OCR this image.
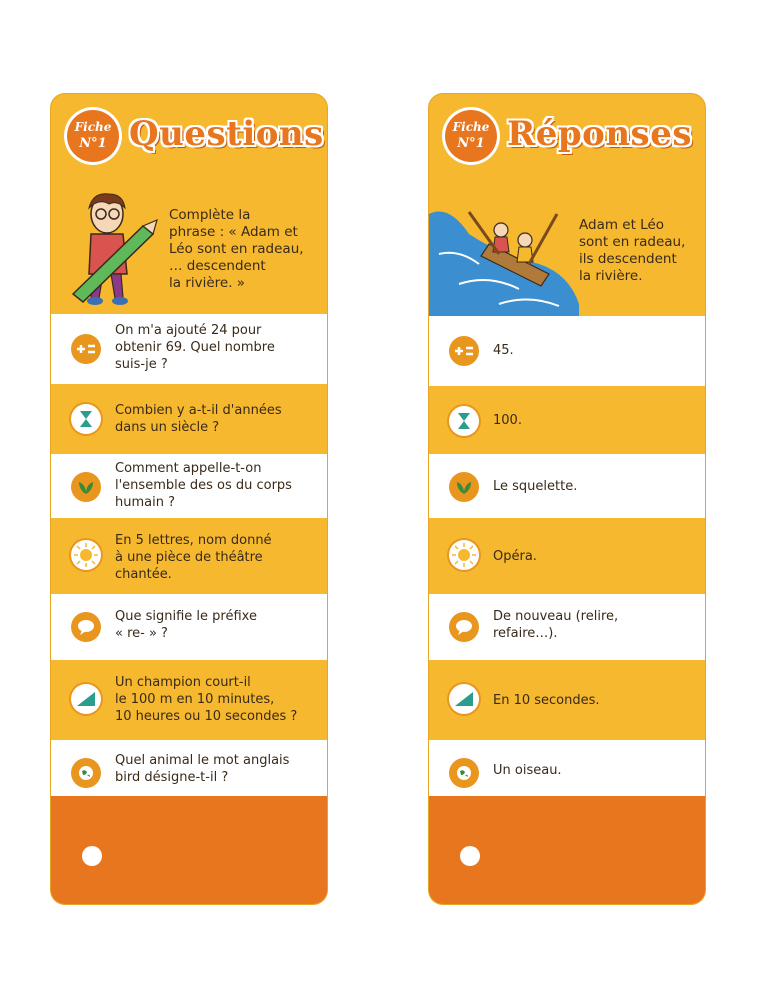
Fiche
N°1 Questions
Complète la
phrase : « Adam et
Léo sont en radeau,
… descendent
la rivière. »
On m'a ajouté 24 pour
obtenir 69. Quel nombre
suis-je ?
Combien y a-t-il d'années
dans un siècle ?
Comment appelle-t-on
l'ensemble des os du corps
humain ?
En 5 lettres, nom donné
à une pièce de théâtre
chantée.
Que signifie le préfixe
« re- » ?
Un champion court-il
le 100 m en 10 minutes,
10 heures ou 10 secondes ?
Quel animal le mot anglais
bird désigne-t-il ?
Fiche
N°1 Réponses
Adam et Léo
sont en radeau,
ils descendent
la rivière.
45.
100.
Le squelette.
Opéra.
De nouveau (relire,
refaire…).
En 10 secondes.
Un oiseau.
